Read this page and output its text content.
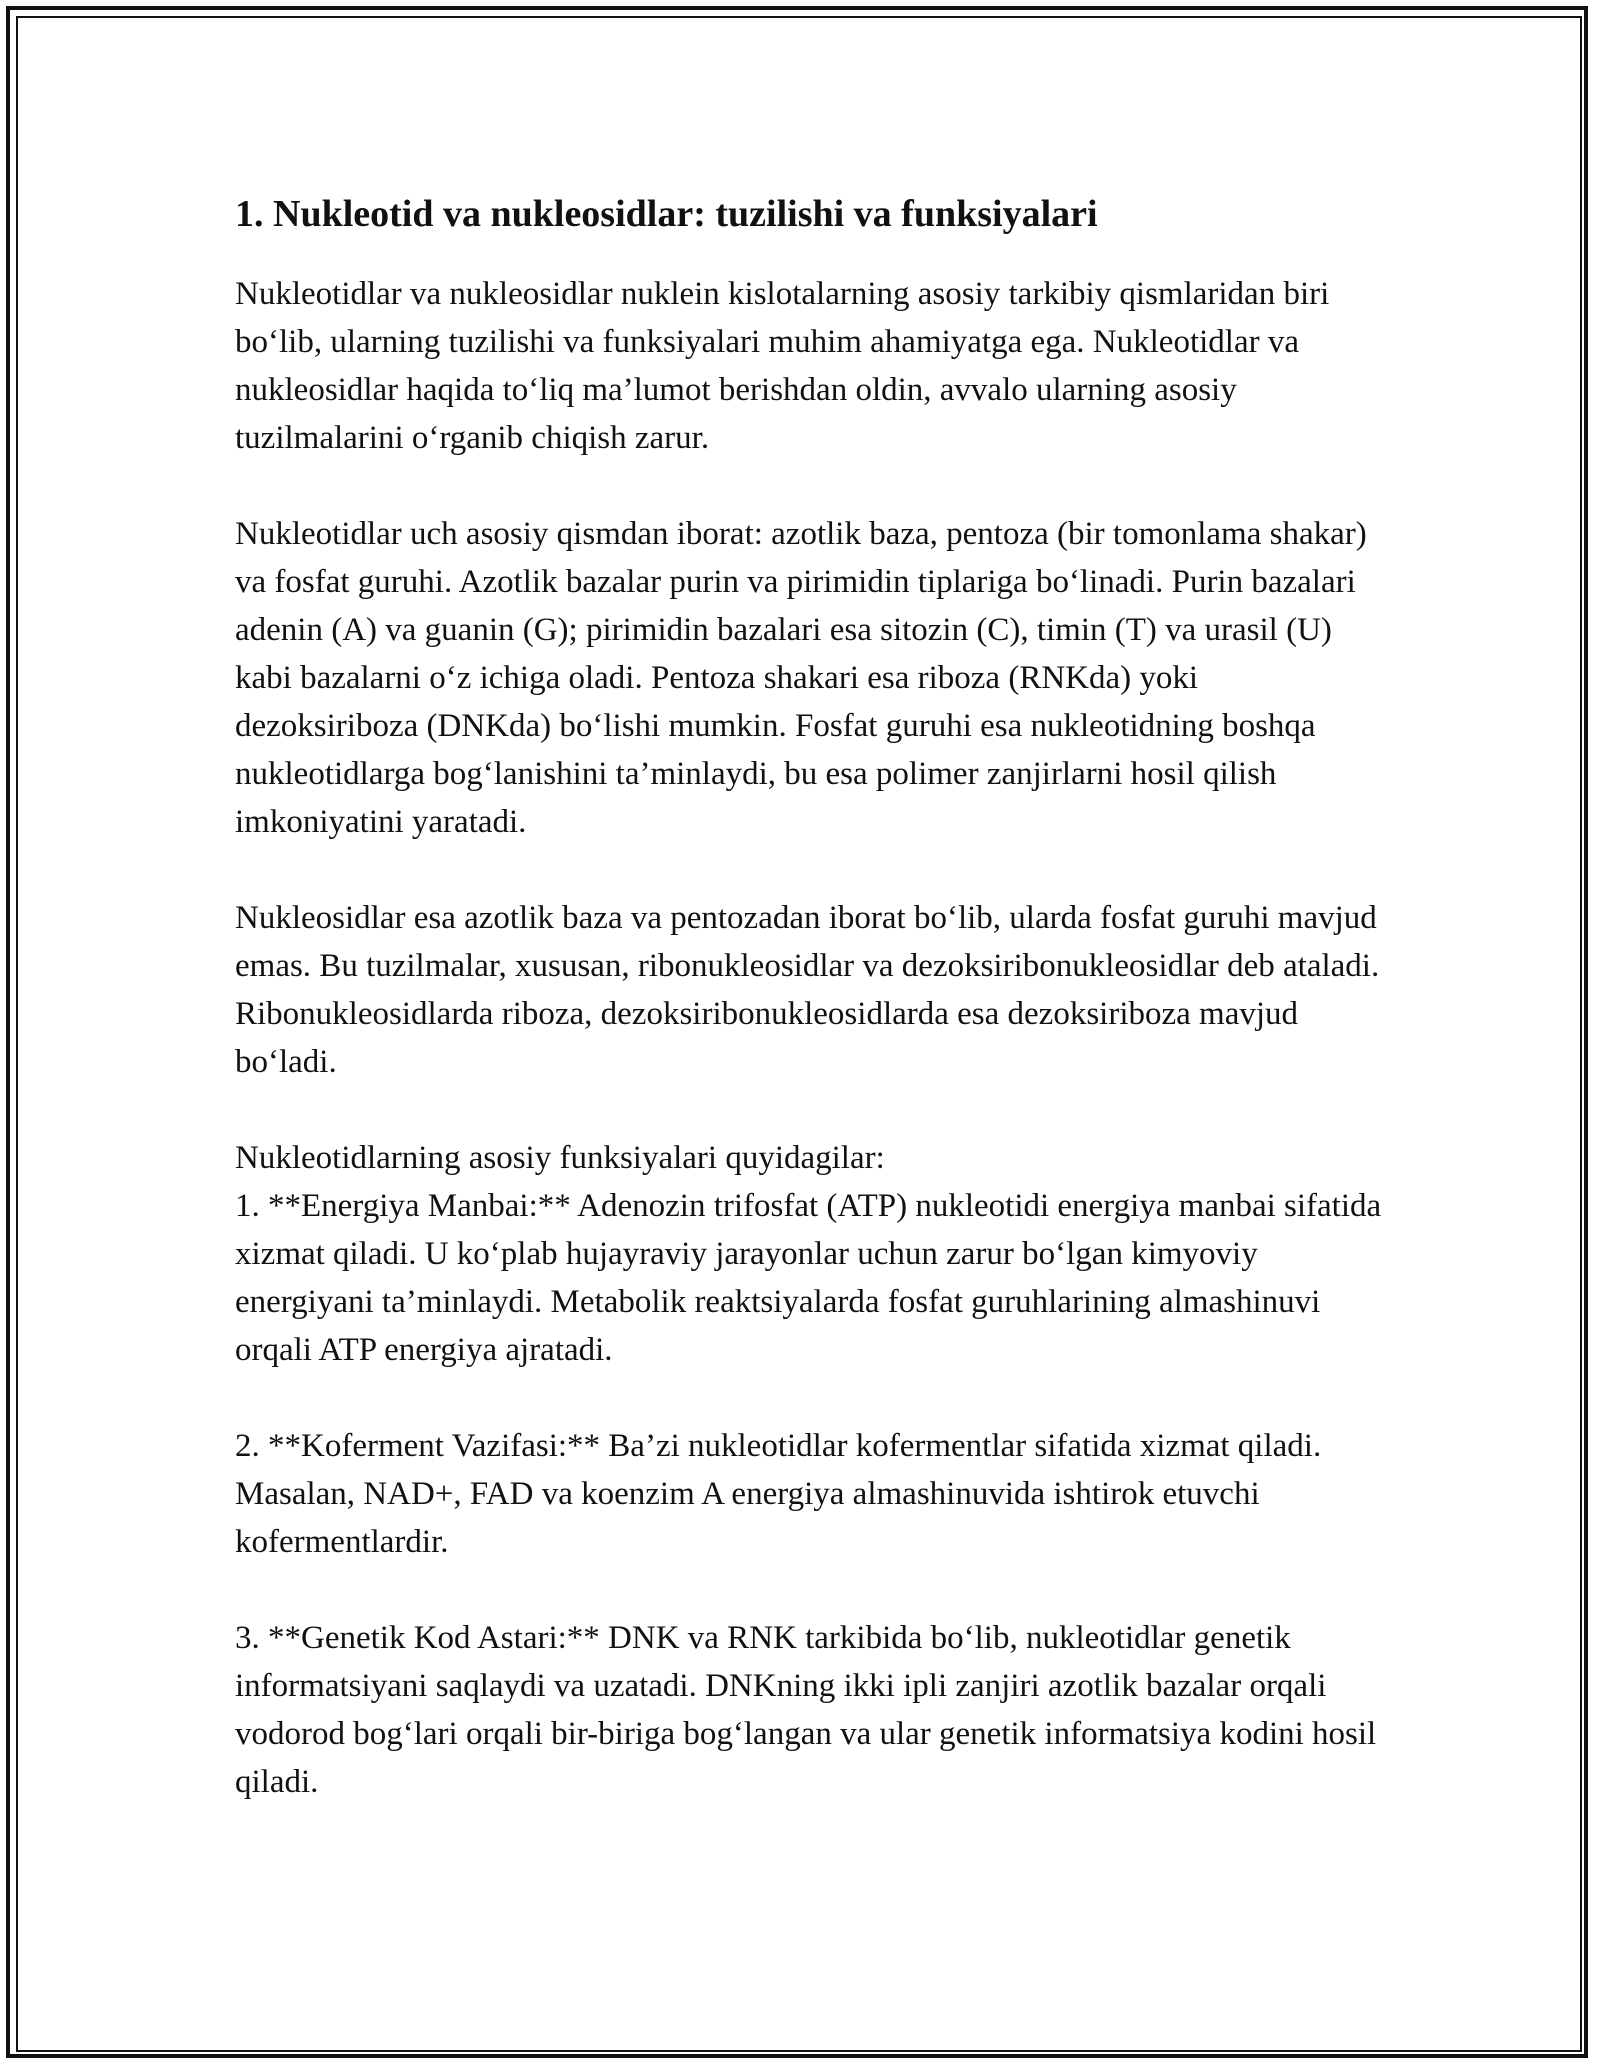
1. Nukleotid va nukleosidlar: tuzilishi va funksiyalari

Nukleotidlar va nukleosidlar nuklein kislotalarning asosiy tarkibiy qismlaridan biri bo‘lib, ularning tuzilishi va funksiyalari muhim ahamiyatga ega. Nukleotidlar va nukleosidlar haqida to‘liq ma’lumot berishdan oldin, avvalo ularning asosiy tuzilmalarini o‘rganib chiqish zarur.

Nukleotidlar uch asosiy qismdan iborat: azotlik baza, pentoza (bir tomonlama shakar) va fosfat guruhi. Azotlik bazalar purin va pirimidin tiplariga bo‘linadi. Purin bazalari adenin (A) va guanin (G); pirimidin bazalari esa sitozin (C), timin (T) va urasil (U) kabi bazalarni o‘z ichiga oladi. Pentoza shakari esa riboza (RNKda) yoki dezoksiriboza (DNKda) bo‘lishi mumkin. Fosfat guruhi esa nukleotidning boshqa nukleotidlarga bog‘lanishini ta’minlaydi, bu esa polimer zanjirlarni hosil qilish imkoniyatini yaratadi.

Nukleosidlar esa azotlik baza va pentozadan iborat bo‘lib, ularda fosfat guruhi mavjud emas. Bu tuzilmalar, xususan, ribonukleosidlar va dezoksiribonukleosidlar deb ataladi. Ribonukleosidlarda riboza, dezoksiribonukleosidlarda esa dezoksiriboza mavjud bo‘ladi.

Nukleotidlarning asosiy funksiyalari quyidagilar:
1. **Energiya Manbai:** Adenozin trifosfat (ATP) nukleotidi energiya manbai sifatida xizmat qiladi. U ko‘plab hujayraviy jarayonlar uchun zarur bo‘lgan kimyoviy energiyani ta’minlaydi. Metabolik reaktsiyalarda fosfat guruhlarining almashinuvi orqali ATP energiya ajratadi.

2. **Koferment Vazifasi:** Ba’zi nukleotidlar kofermentlar sifatida xizmat qiladi. Masalan, NAD+, FAD va koenzim A energiya almashinuvida ishtirok etuvchi kofermentlardir.

3. **Genetik Kod Astari:** DNK va RNK tarkibida bo‘lib, nukleotidlar genetik informatsiyani saqlaydi va uzatadi. DNKning ikki ipli zanjiri azotlik bazalar orqali vodorod bog‘lari orqali bir-biriga bog‘langan va ular genetik informatsiya kodini hosil qiladi.
